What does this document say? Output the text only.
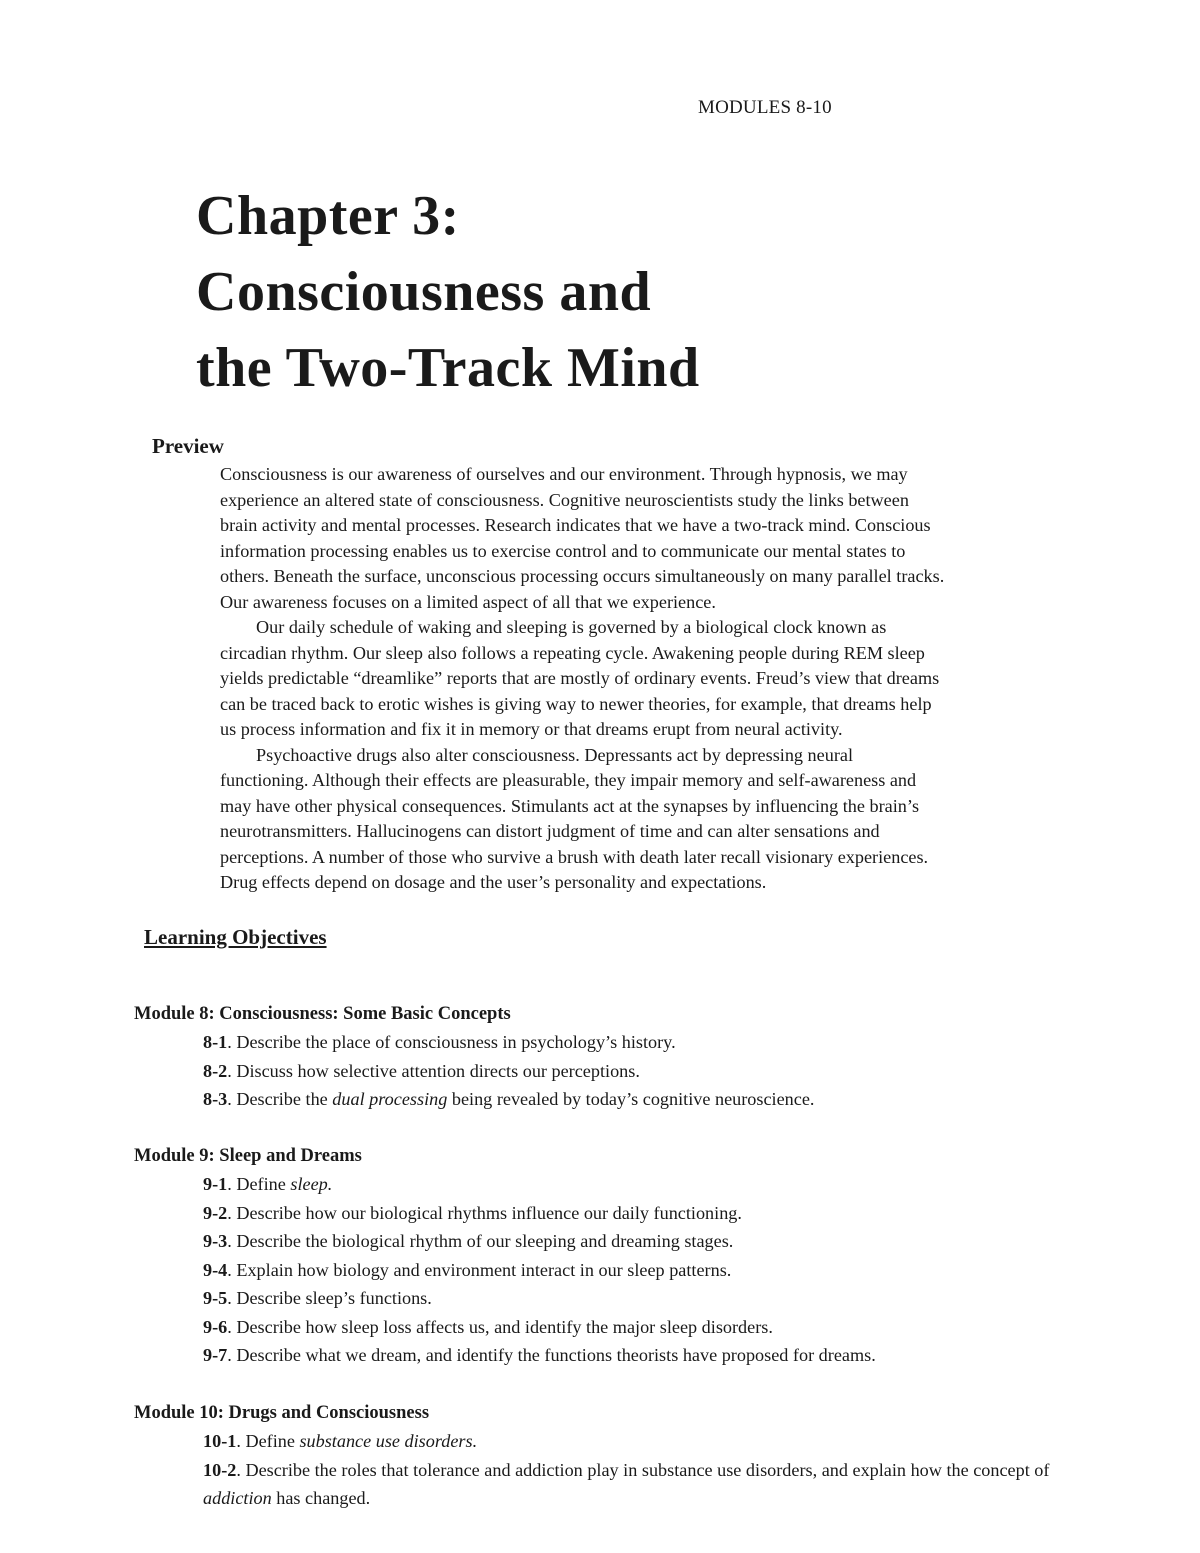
MODULES 8-10
Chapter 3:
Consciousness and
the Two-Track Mind
Preview
Consciousness is our awareness of ourselves and our environment. Through hypnosis, we may
experience an altered state of consciousness. Cognitive neuroscientists study the links between
brain activity and mental processes. Research indicates that we have a two-track mind. Conscious
information processing enables us to exercise control and to communicate our mental states to
others. Beneath the surface, unconscious processing occurs simultaneously on many parallel tracks.
Our awareness focuses on a limited aspect of all that we experience.
Our daily schedule of waking and sleeping is governed by a biological clock known as
circadian rhythm. Our sleep also follows a repeating cycle. Awakening people during REM sleep
yields predictable “dreamlike” reports that are mostly of ordinary events. Freud’s view that dreams
can be traced back to erotic wishes is giving way to newer theories, for example, that dreams help
us process information and fix it in memory or that dreams erupt from neural activity.
Psychoactive drugs also alter consciousness. Depressants act by depressing neural
functioning. Although their effects are pleasurable, they impair memory and self-awareness and
may have other physical consequences. Stimulants act at the synapses by influencing the brain’s
neurotransmitters. Hallucinogens can distort judgment of time and can alter sensations and
perceptions. A number of those who survive a brush with death later recall visionary experiences.
Drug effects depend on dosage and the user’s personality and expectations.
Learning Objectives
Module 8: Consciousness: Some Basic Concepts
8-1. Describe the place of consciousness in psychology’s history.
8-2. Discuss how selective attention directs our perceptions.
8-3. Describe the dual processing being revealed by today’s cognitive neuroscience.
Module 9: Sleep and Dreams
9-1. Define sleep.
9-2. Describe how our biological rhythms influence our daily functioning.
9-3. Describe the biological rhythm of our sleeping and dreaming stages.
9-4. Explain how biology and environment interact in our sleep patterns.
9-5. Describe sleep’s functions.
9-6. Describe how sleep loss affects us, and identify the major sleep disorders.
9-7. Describe what we dream, and identify the functions theorists have proposed for dreams.
Module 10: Drugs and Consciousness
10-1. Define substance use disorders.
10-2. Describe the roles that tolerance and addiction play in substance use disorders, and explain how the concept of addiction has changed.
